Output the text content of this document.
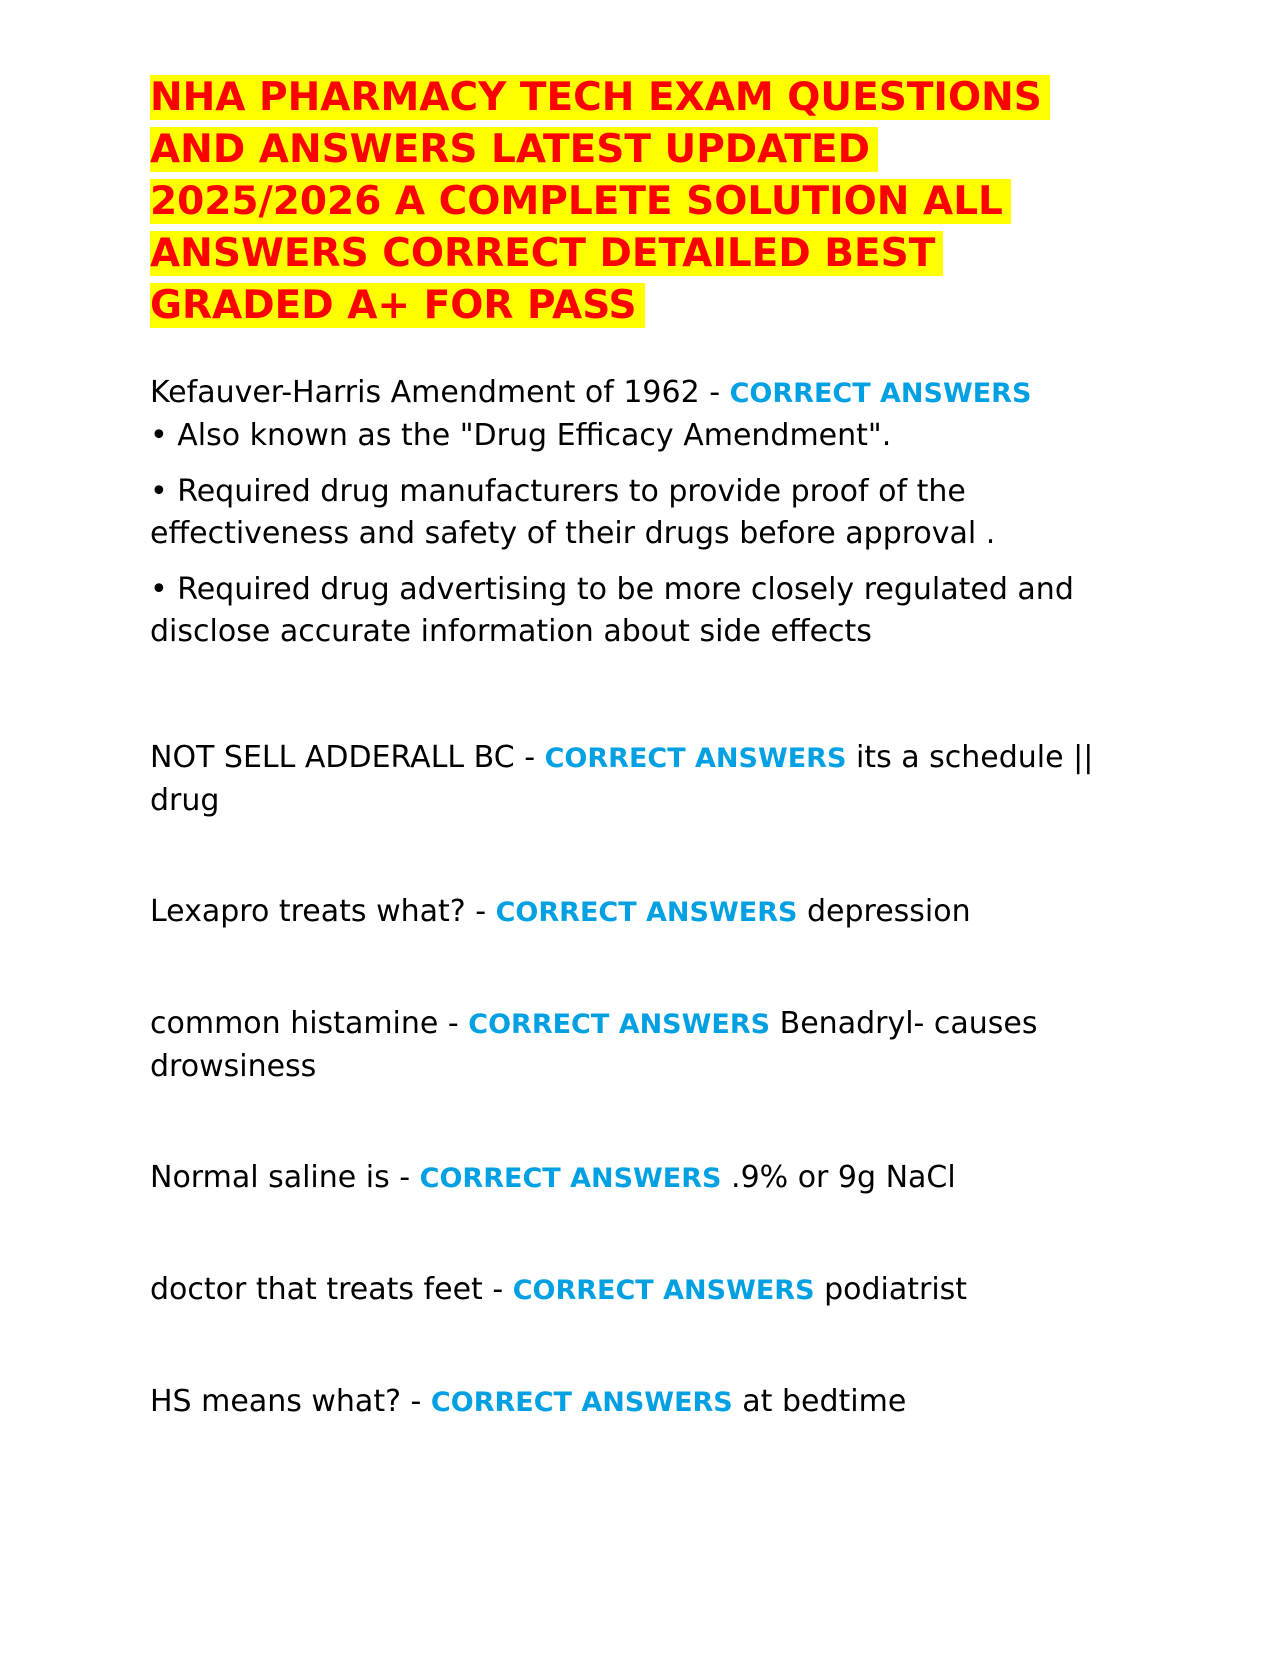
NHA PHARMACY TECH EXAM QUESTIONS
AND ANSWERS LATEST UPDATED
2025/2026 A COMPLETE SOLUTION ALL
ANSWERS CORRECT DETAILED BEST
GRADED A+ FOR PASS
Kefauver-Harris Amendment of 1962 - CORRECT ANSWERS
• Also known as the "Drug Efficacy Amendment".
• Required drug manufacturers to provide proof of the effectiveness and safety of their drugs before approval .
• Required drug advertising to be more closely regulated and disclose accurate information about side effects
NOT SELL ADDERALL BC - CORRECT ANSWERS its a schedule || drug
Lexapro treats what? - CORRECT ANSWERS depression
common histamine - CORRECT ANSWERS Benadryl- causes drowsiness
Normal saline is - CORRECT ANSWERS .9% or 9g NaCl
doctor that treats feet - CORRECT ANSWERS podiatrist
HS means what? - CORRECT ANSWERS at bedtime
